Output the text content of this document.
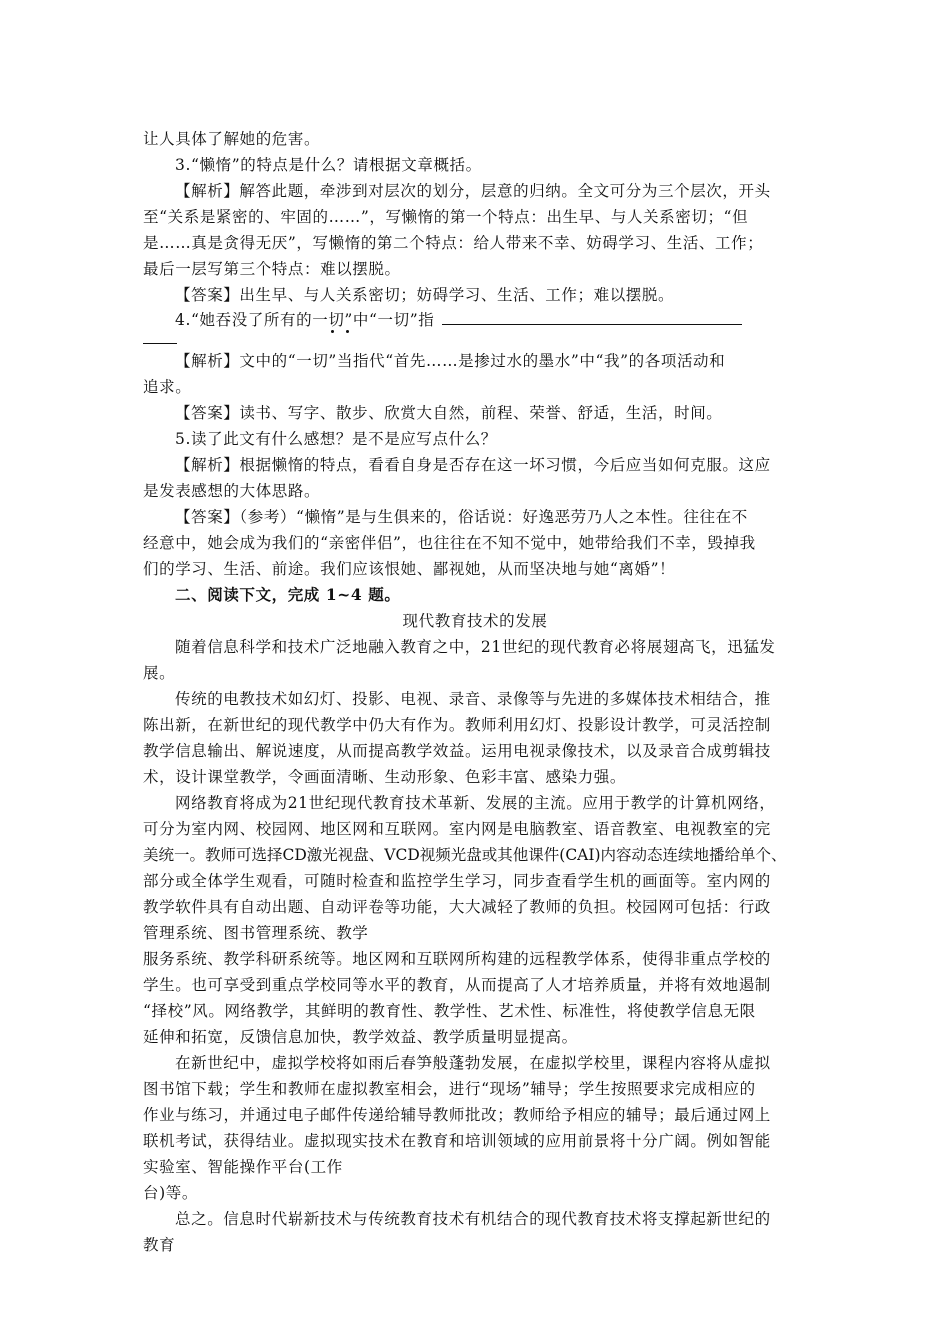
让人具体了解她的危害。
3.“懒惰”的特点是什么？请根据文章概括。
【解析】解答此题，牵涉到对层次的划分，层意的归纳。全文可分为三个层次，开头
至“关系是紧密的、牢固的……”，写懒惰的第一个特点：出生早、与人关系密切；“但
是……真是贪得无厌”，写懒惰的第二个特点：给人带来不幸、妨碍学习、生活、工作；
最后一层写第三个特点：难以摆脱。
【答案】出生早、与人关系密切；妨碍学习、生活、工作；难以摆脱。
4.“她吞没了所有的一切”中“一切”指
【解析】文中的“一切”当指代“首先……是掺过水的墨水”中“我”的各项活动和
追求。
【答案】读书、写字、散步、欣赏大自然，前程、荣誉、舒适，生活，时间。
5.读了此文有什么感想？是不是应写点什么？
【解析】根据懒惰的特点，看看自身是否存在这一坏习惯，今后应当如何克服。这应
是发表感想的大体思路。
【答案】（参考）“懒惰”是与生俱来的，俗话说：好逸恶劳乃人之本性。往往在不
经意中，她会成为我们的“亲密伴侣”，也往往在不知不觉中，她带给我们不幸，毁掉我
们的学习、生活、前途。我们应该恨她、鄙视她，从而坚决地与她“离婚”！
二、阅读下文，完成 1~4 题。
现代教育技术的发展
随着信息科学和技术广泛地融入教育之中，21世纪的现代教育必将展翅高飞，迅猛发
展。
传统的电教技术如幻灯、投影、电视、录音、录像等与先进的多媒体技术相结合，推
陈出新，在新世纪的现代教学中仍大有作为。教师利用幻灯、投影设计教学，可灵活控制
教学信息输出、解说速度，从而提高教学效益。运用电视录像技术，以及录音合成剪辑技
术，设计课堂教学，令画面清晰、生动形象、色彩丰富、感染力强。
网络教育将成为21世纪现代教育技术革新、发展的主流。应用于教学的计算机网络，
可分为室内网、校园网、地区网和互联网。室内网是电脑教室、语音教室、电视教室的完
美统一。教师可选择CD激光视盘、VCD视频光盘或其他课件(CAI)内容动态连续地播给单个、
部分或全体学生观看，可随时检查和监控学生学习，同步查看学生机的画面等。室内网的
教学软件具有自动出题、自动评卷等功能，大大减轻了教师的负担。校园网可包括：行政
管理系统、图书管理系统、教学
服务系统、教学科研系统等。地区网和互联网所构建的远程教学体系，使得非重点学校的
学生。也可享受到重点学校同等水平的教育，从而提高了人才培养质量，并将有效地遏制
“择校”风。网络教学，其鲜明的教育性、教学性、艺术性、标准性，将使教学信息无限
延伸和拓宽，反馈信息加快，教学效益、教学质量明显提高。
在新世纪中，虚拟学校将如雨后春笋般蓬勃发展，在虚拟学校里，课程内容将从虚拟
图书馆下载；学生和教师在虚拟教室相会，进行“现场”辅导；学生按照要求完成相应的
作业与练习，并通过电子邮件传递给辅导教师批改；教师给予相应的辅导；最后通过网上
联机考试，获得结业。虚拟现实技术在教育和培训领域的应用前景将十分广阔。例如智能
实验室、智能操作平台(工作
台)等。
总之。信息时代崭新技术与传统教育技术有机结合的现代教育技术将支撑起新世纪的
教育
